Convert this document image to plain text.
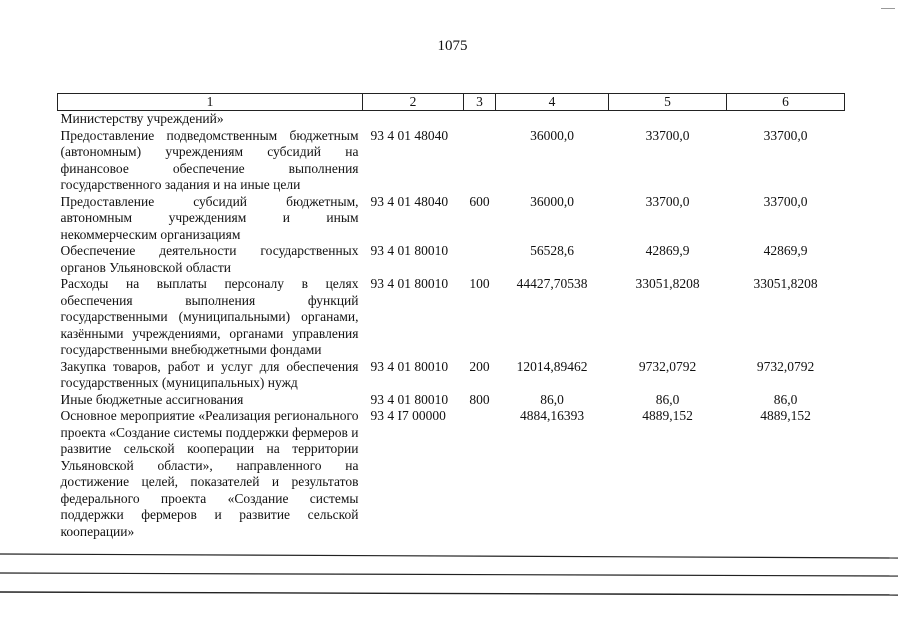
1075
1	2	3	4	5	6
Министерству учреждений»					
Предоставление подведомственным бюджетным (автономным) учреждениям субсидий на финансовое обеспечение выполнения государственного задания и на иные цели	93 4 01 48040		36000,0	33700,0	33700,0
Предоставление субсидий бюджетным, автономным учреждениям и иным некоммерческим организациям	93 4 01 48040	600	36000,0	33700,0	33700,0
Обеспечение деятельности государственных органов Ульяновской области	93 4 01 80010		56528,6	42869,9	42869,9
Расходы на выплаты персоналу в целях обеспечения выполнения функций государственными (муниципальными) органами, казёнными учреждениями, органами управления государственными внебюджетными фондами	93 4 01 80010	100	44427,70538	33051,8208	33051,8208
Закупка товаров, работ и услуг для обеспечения государственных (муниципальных) нужд	93 4 01 80010	200	12014,89462	9732,0792	9732,0792
Иные бюджетные ассигнования	93 4 01 80010	800	86,0	86,0	86,0
Основное мероприятие «Реализация регионального проекта «Создание системы поддержки фермеров и развитие сельской кооперации на территории Ульяновской области», направленного на достижение целей, показателей и результатов федерального проекта «Создание системы поддержки фермеров и развитие сельской кооперации»	93 4 I7 00000		4884,16393	4889,152	4889,152
